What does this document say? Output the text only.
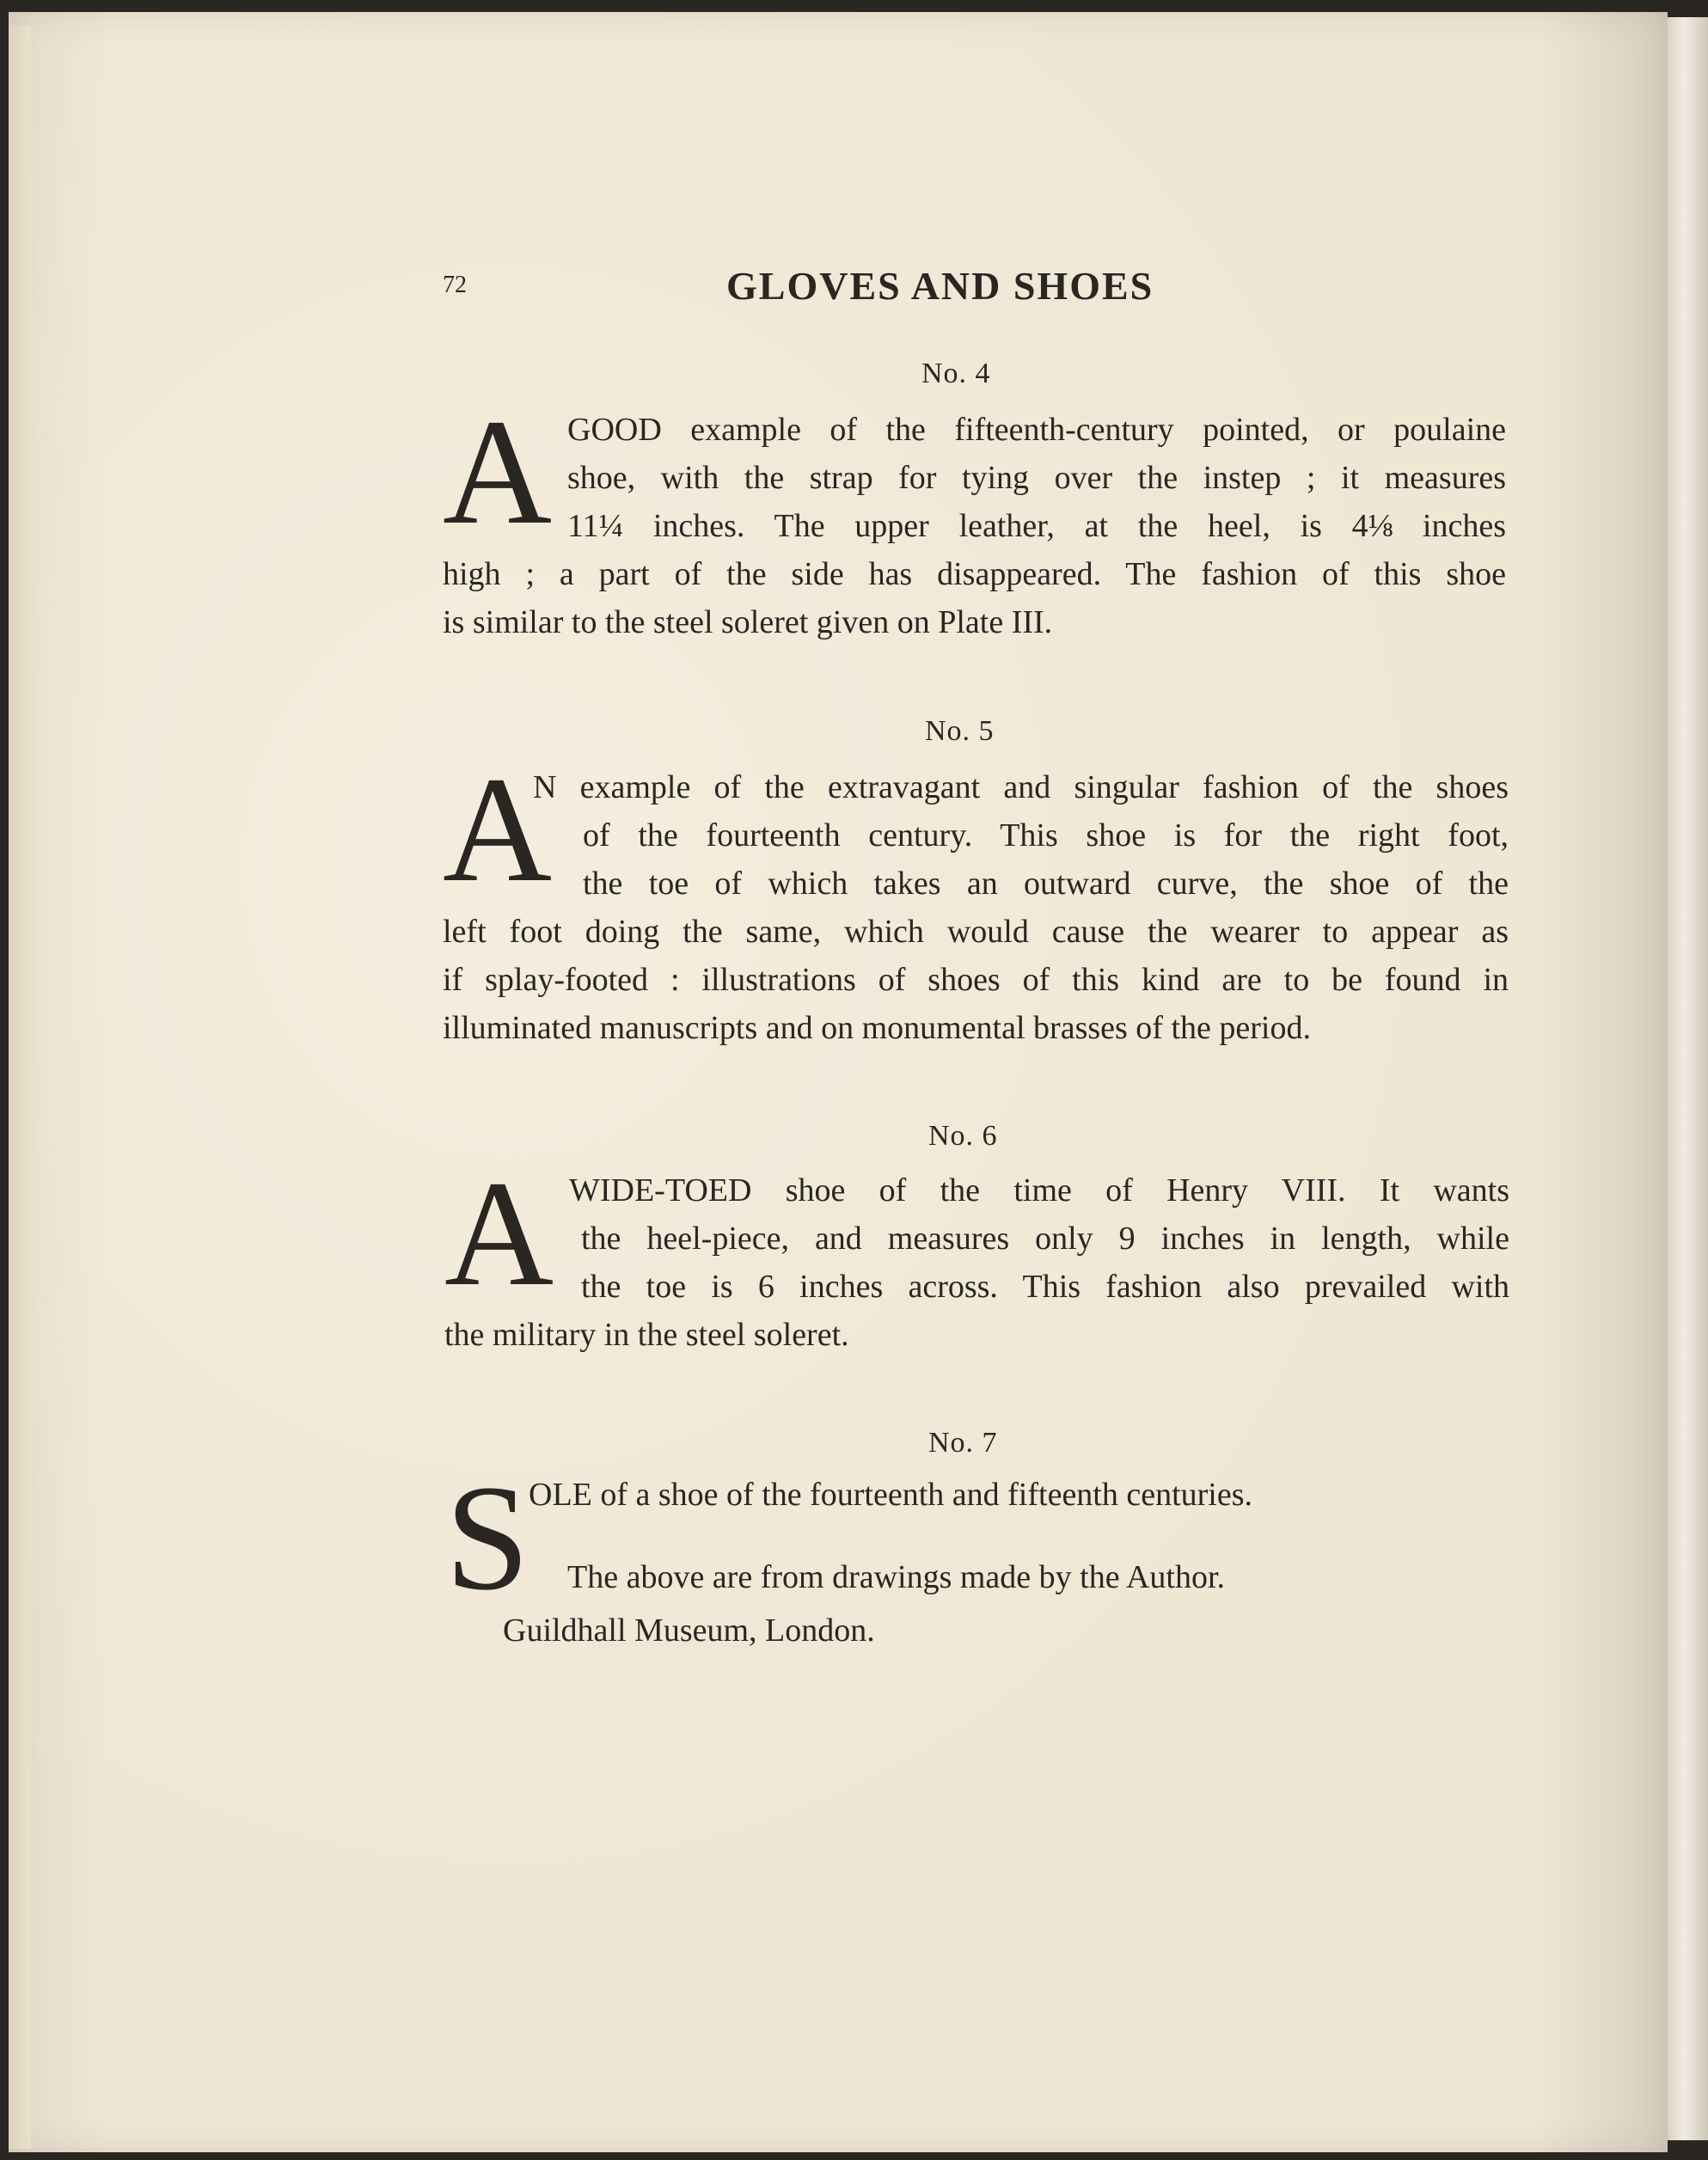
72	GLOVES AND SHOES
No. 4
A GOOD example of the fifteenth-century pointed, or poulaine
shoe, with the strap for tying over the instep ; it measures
11¼ inches. The upper leather, at the heel, is 4⅛ inches
high ; a part of the side has disappeared. The fashion of this shoe
is similar to the steel soleret given on Plate III.
No. 5
A
N example of the extravagant and singular fashion of the shoes
of the fourteenth century. This shoe is for the right foot,
the toe of which takes an outward curve, the shoe of the
left foot doing the same, which would cause the wearer to appear as
if splay-footed : illustrations of shoes of this kind are to be found in
illuminated manuscripts and on monumental brasses of the period.
No. 6
A WIDE-TOED shoe of the time of Henry VIII. It wants
the heel-piece, and measures only 9 inches in length, while
the toe is 6 inches across. This fashion also prevailed with
the military in the steel soleret.
No. 7
S OLE of a shoe of the fourteenth and fifteenth centuries.
The above are from drawings made by the Author.
Guildhall Museum, London.
